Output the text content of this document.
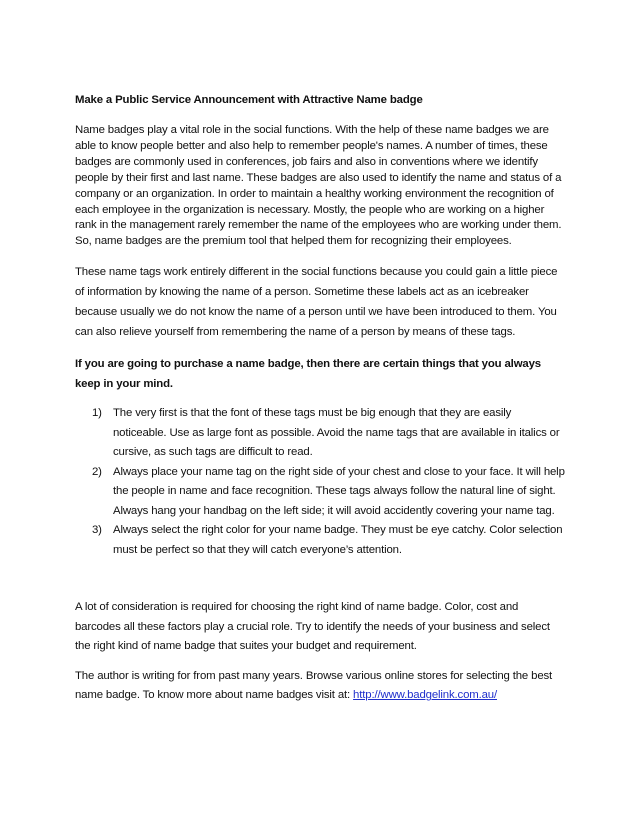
Make a Public Service Announcement with Attractive Name badge

Name badges play a vital role in the social functions. With the help of these name badges we are able to know people better and also help to remember people's names. A number of times, these badges are commonly used in conferences, job fairs and also in conventions where we identify people by their first and last name. These badges are also used to identify the name and status of a company or an organization. In order to maintain a healthy working environment the recognition of each employee in the organization is necessary. Mostly, the people who are working on a higher rank in the management rarely remember the name of the employees who are working under them. So, name badges are the premium tool that helped them for recognizing their employees.

These name tags work entirely different in the social functions because you could gain a little piece of information by knowing the name of a person. Sometime these labels act as an icebreaker because usually we do not know the name of a person until we have been introduced to them. You can also relieve yourself from remembering the name of a person by means of these tags.

If you are going to purchase a name badge, then there are certain things that you always keep in your mind.

1) The very first is that the font of these tags must be big enough that they are easily noticeable. Use as large font as possible. Avoid the name tags that are available in italics or cursive, as such tags are difficult to read.
2) Always place your name tag on the right side of your chest and close to your face. It will help the people in name and face recognition. These tags always follow the natural line of sight. Always hang your handbag on the left side; it will avoid accidently covering your name tag.
3) Always select the right color for your name badge. They must be eye catchy. Color selection must be perfect so that they will catch everyone’s attention.

A lot of consideration is required for choosing the right kind of name badge. Color, cost and barcodes all these factors play a crucial role. Try to identify the needs of your business and select the right kind of name badge that suites your budget and requirement.

The author is writing for from past many years. Browse various online stores for selecting the best name badge. To know more about name badges visit at: http://www.badgelink.com.au/
